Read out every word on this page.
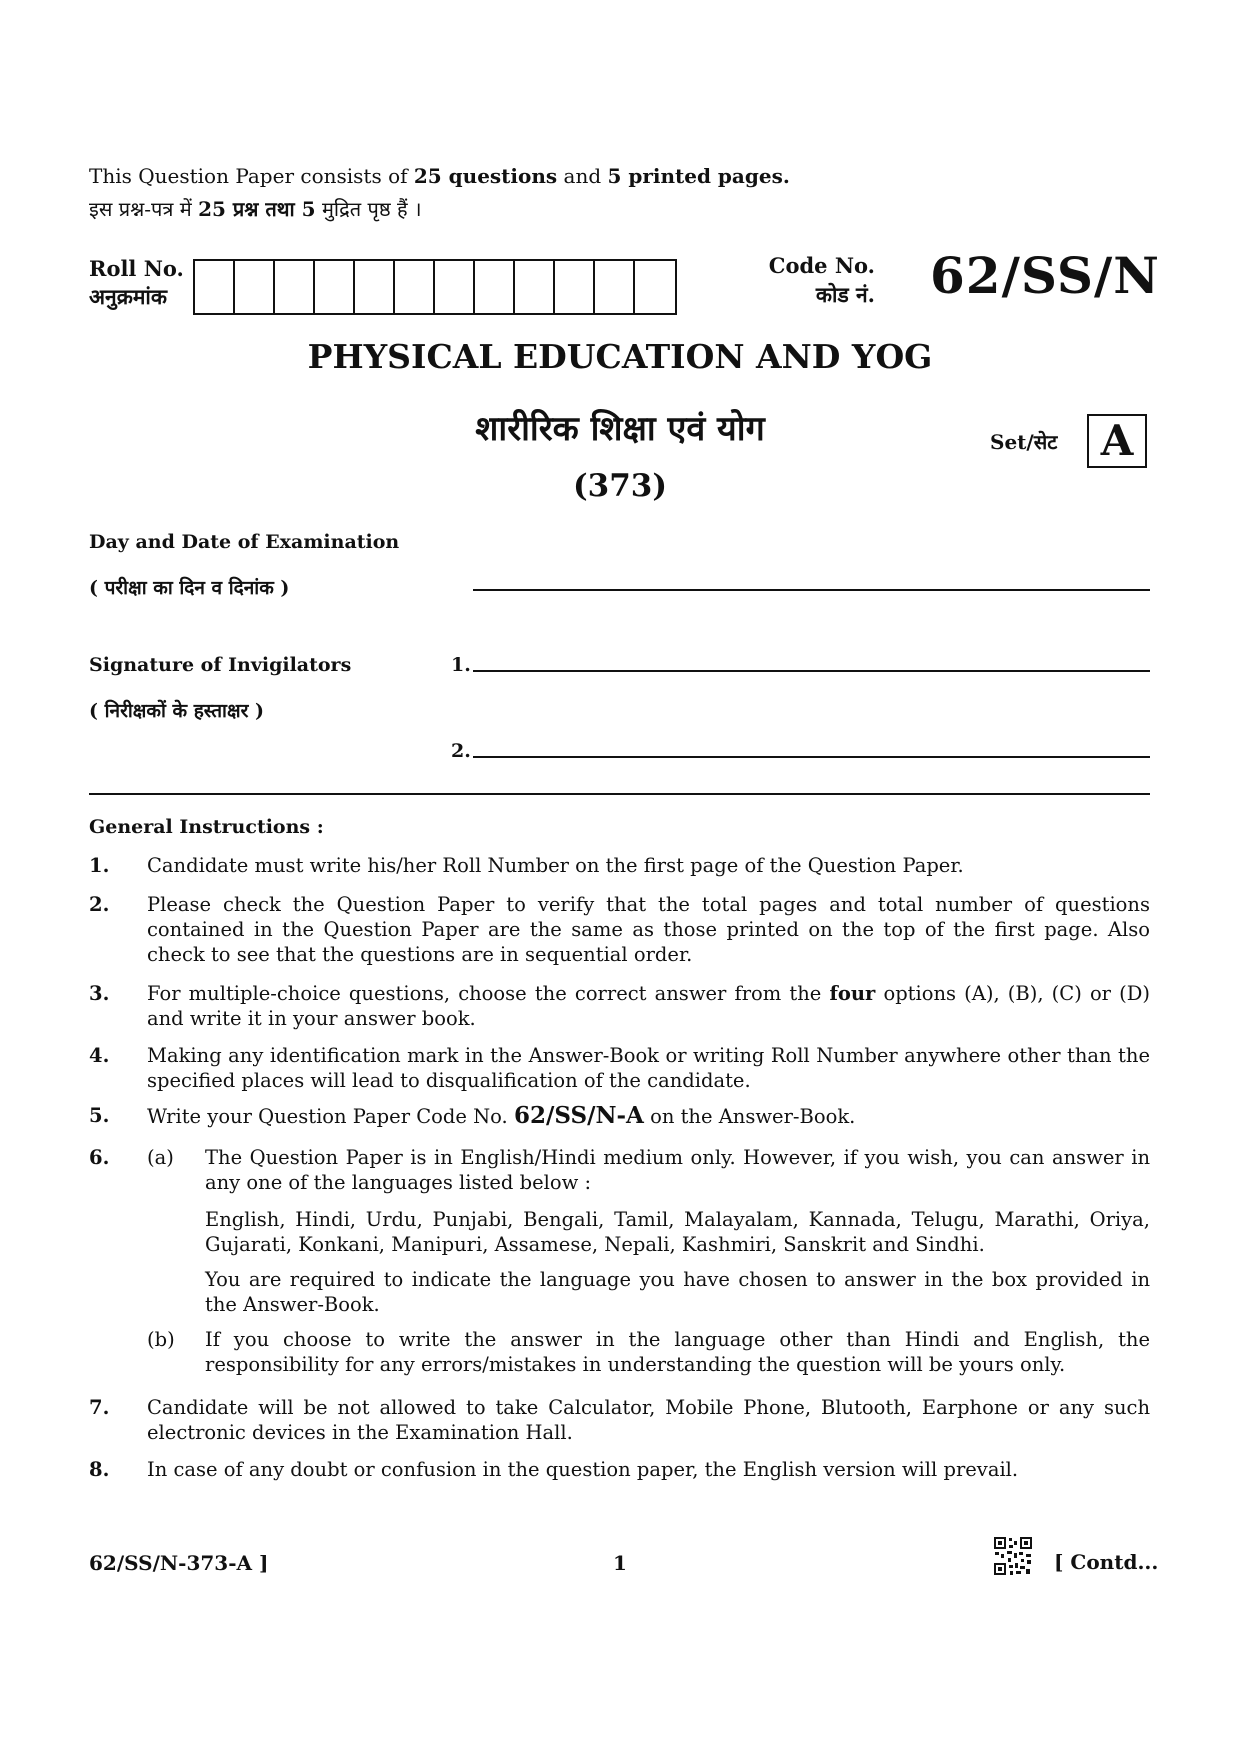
This Question Paper consists of 25 questions and 5 printed pages.
इस प्रश्न-पत्र में 25 प्रश्न तथा 5 मुद्रित पृष्ठ हैं ।
Roll No.
अनुक्रमांक
Code No.
कोड नं. 62/SS/N
PHYSICAL EDUCATION AND YOG
शारीरिक शिक्षा एवं योग
(373)
Set/सेट	A
Day and Date of Examination
( परीक्षा का दिन व दिनांक )
Signature of Invigilators
( निरीक्षकों के हस्ताक्षर )
1.
2.
General Instructions :
1. Candidate must write his/her Roll Number on the first page of the Question Paper.
2. Please check the Question Paper to verify that the total pages and total number of questions contained in the Question Paper are the same as those printed on the top of the first page. Also check to see that the questions are in sequential order.
3. For multiple-choice questions, choose the correct answer from the four options (A), (B), (C) or (D) and write it in your answer book.
4. Making any identification mark in the Answer-Book or writing Roll Number anywhere other than the specified places will lead to disqualification of the candidate.
5. Write your Question Paper Code No. 62/SS/N-A on the Answer-Book.
6. (a)	The Question Paper is in English/Hindi medium only. However, if you wish, you can answer in any one of the languages listed below :
English, Hindi, Urdu, Punjabi, Bengali, Tamil, Malayalam, Kannada, Telugu, Marathi, Oriya, Gujarati, Konkani, Manipuri, Assamese, Nepali, Kashmiri, Sanskrit and Sindhi.
You are required to indicate the language you have chosen to answer in the box provided in the Answer-Book.
(b)	If you choose to write the answer in the language other than Hindi and English, the responsibility for any errors/mistakes in understanding the question will be yours only.
7. Candidate will be not allowed to take Calculator, Mobile Phone, Blutooth, Earphone or any such electronic devices in the Examination Hall.
8. In case of any doubt or confusion in the question paper, the English version will prevail.
62/SS/N-373-A ]	1	[ Contd...
